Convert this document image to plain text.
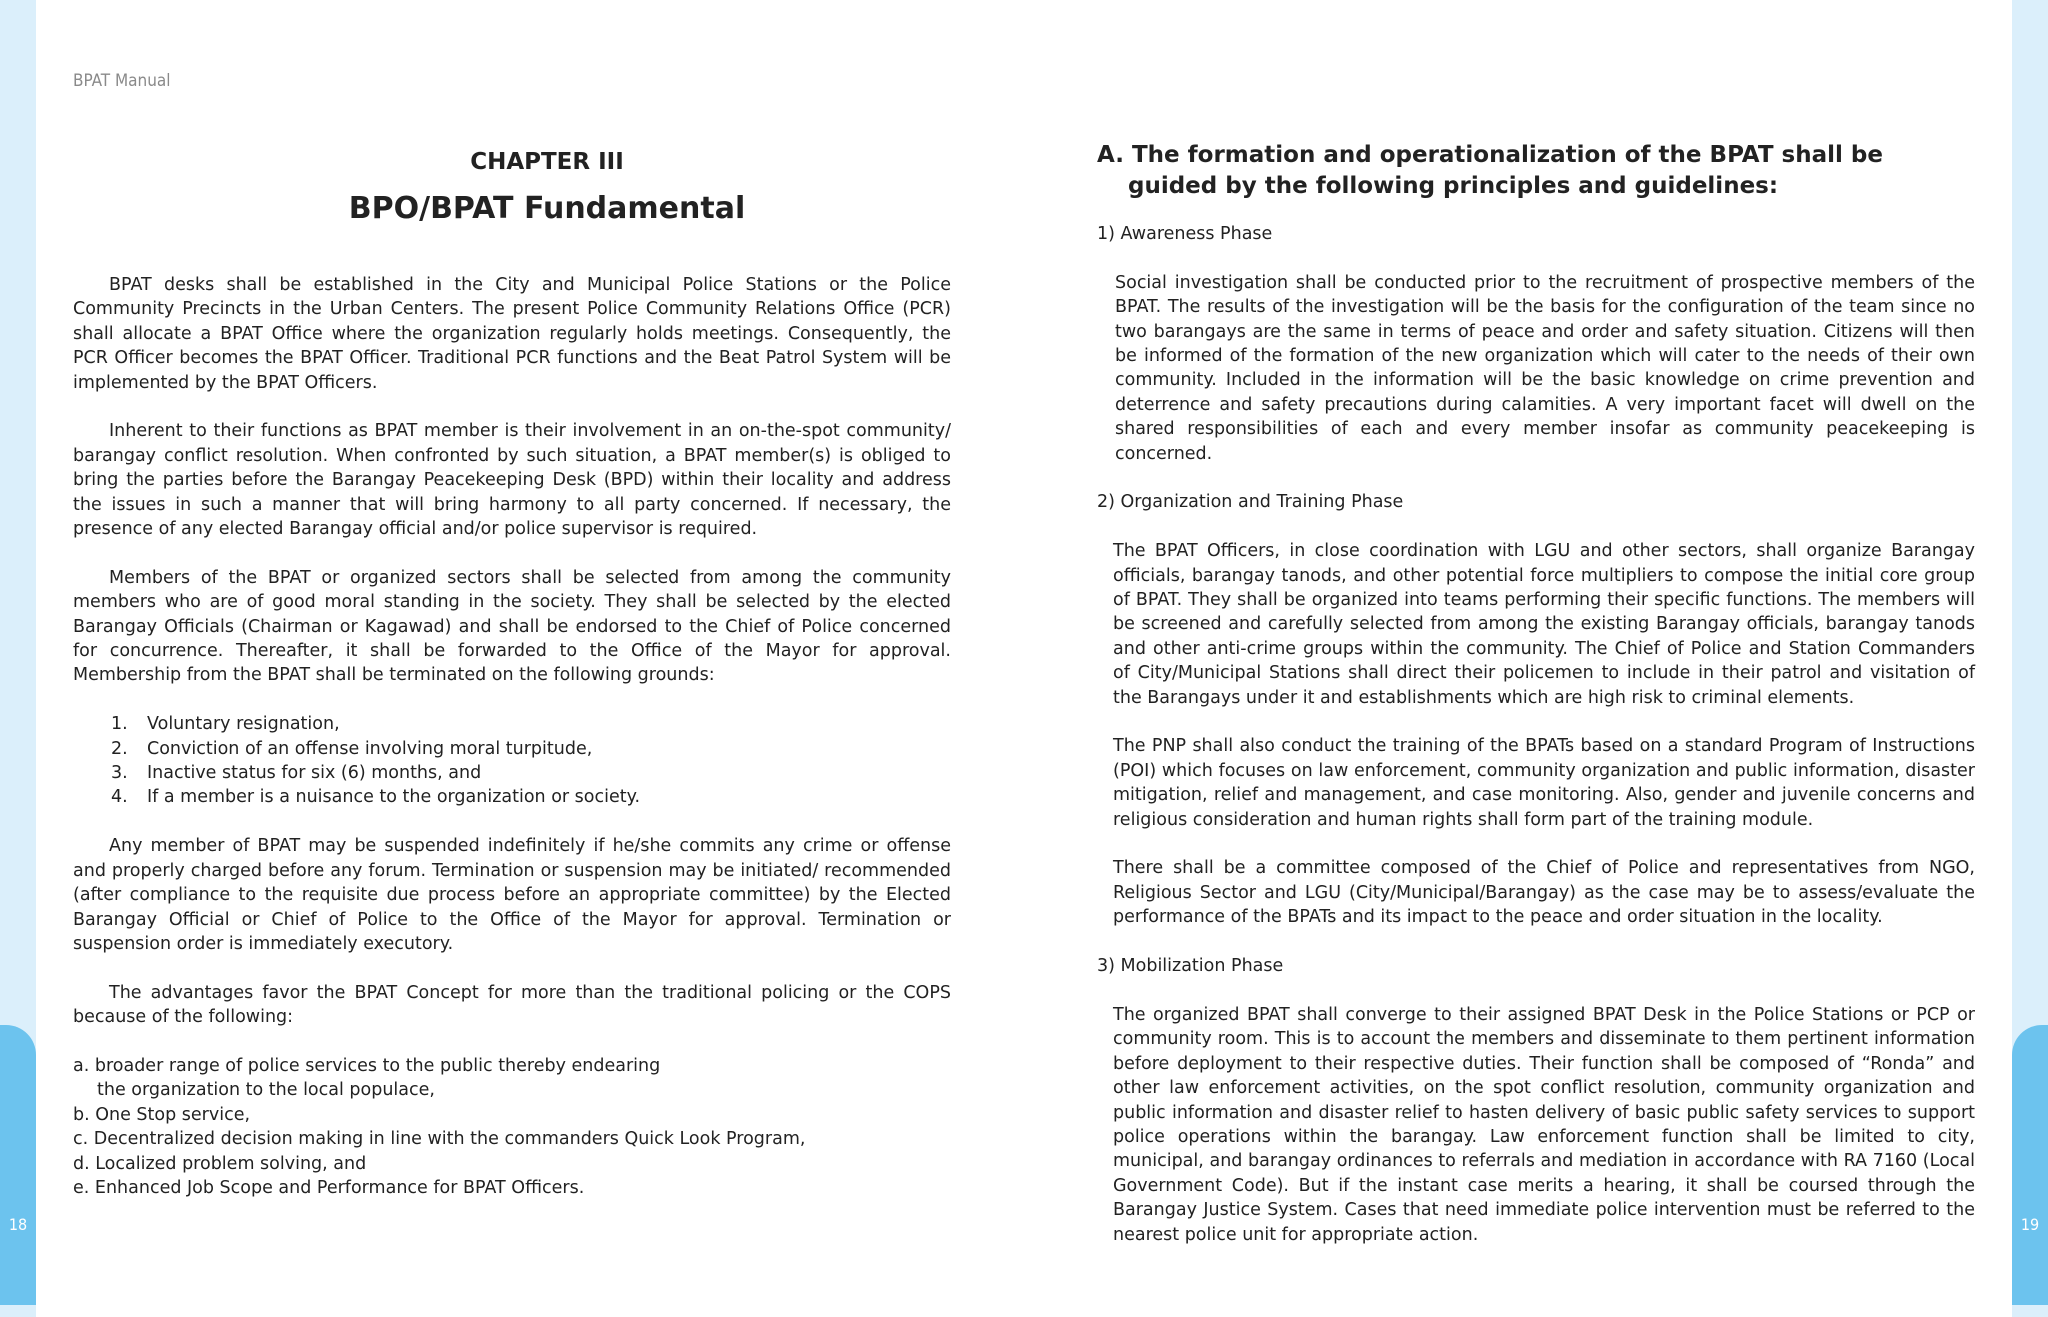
18	19
BPAT Manual
CHAPTER III
BPO/BPAT Fundamental

BPAT desks shall be established in the City and Municipal Police Stations or the Police Community Precincts in the Urban Centers. The present Police Community Relations Office (PCR) shall allocate a BPAT Office where the organization regularly holds meetings. Consequently, the PCR Officer becomes the BPAT Officer. Traditional PCR functions and the Beat Patrol System will be implemented by the BPAT Officers.

Inherent to their functions as BPAT member is their involvement in an on-the-spot community/ barangay conflict resolution. When confronted by such situation, a BPAT member(s) is obliged to bring the parties before the Barangay Peacekeeping Desk (BPD) within their locality and address the issues in such a manner that will bring harmony to all party concerned. If necessary, the presence of any elected Barangay official and/or police supervisor is required.

Members of the BPAT or organized sectors shall be selected from among the community members who are of good moral standing in the society. They shall be selected by the elected Barangay Officials (Chairman or Kagawad) and shall be endorsed to the Chief of Police concerned for concurrence. Thereafter, it shall be forwarded to the Office of the Mayor for approval. Membership from the BPAT shall be terminated on the following grounds:

1.	Voluntary resignation,
2.	Conviction of an offense involving moral turpitude,
3.	Inactive status for six (6) months, and
4.	If a member is a nuisance to the organization or society.

Any member of BPAT may be suspended indefinitely if he/she commits any crime or offense and properly charged before any forum. Termination or suspension may be initiated/ recommended (after compliance to the requisite due process before an appropriate committee) by the Elected Barangay Official or Chief of Police to the Office of the Mayor for approval. Termination or suspension order is immediately executory.

The advantages favor the BPAT Concept for more than the traditional policing or the COPS because of the following:

a. broader range of police services to the public thereby endearing
the organization to the local populace,
b. One Stop service,
c. Decentralized decision making in line with the commanders Quick Look Program,
d. Localized problem solving, and
e. Enhanced Job Scope and Performance for BPAT Officers.
A. The formation and operationalization of the BPAT shall be guided by the following principles and guidelines:

1) Awareness Phase

Social investigation shall be conducted prior to the recruitment of prospective members of the BPAT. The results of the investigation will be the basis for the configuration of the team since no two barangays are the same in terms of peace and order and safety situation. Citizens will then be informed of the formation of the new organization which will cater to the needs of their own community. Included in the information will be the basic knowledge on crime prevention and deterrence and safety precautions during calamities. A very important facet will dwell on the shared responsibilities of each and every member insofar as community peacekeeping is concerned.

2) Organization and Training Phase

The BPAT Officers, in close coordination with LGU and other sectors, shall organize Barangay officials, barangay tanods, and other potential force multipliers to compose the initial core group of BPAT. They shall be organized into teams performing their specific functions. The members will be screened and carefully selected from among the existing Barangay officials, barangay tanods and other anti-crime groups within the community. The Chief of Police and Station Commanders of City/Municipal Stations shall direct their policemen to include in their patrol and visitation of the Barangays under it and establishments which are high risk to criminal elements.

The PNP shall also conduct the training of the BPATs based on a standard Program of Instructions (POI) which focuses on law enforcement, community organization and public information, disaster mitigation, relief and management, and case monitoring. Also, gender and juvenile concerns and religious consideration and human rights shall form part of the training module.

There shall be a committee composed of the Chief of Police and representatives from NGO, Religious Sector and LGU (City/Municipal/Barangay) as the case may be to assess/evaluate the performance of the BPATs and its impact to the peace and order situation in the locality.

3) Mobilization Phase

The organized BPAT shall converge to their assigned BPAT Desk in the Police Stations or PCP or community room. This is to account the members and disseminate to them pertinent information before deployment to their respective duties. Their function shall be composed of “Ronda” and other law enforcement activities, on the spot conflict resolution, community organization and public information and disaster relief to hasten delivery of basic public safety services to support police operations within the barangay. Law enforcement function shall be limited to city, municipal, and barangay ordinances to referrals and mediation in accordance with RA 7160 (Local Government Code). But if the instant case merits a hearing, it shall be coursed through the Barangay Justice System. Cases that need immediate police intervention must be referred to the nearest police unit for appropriate action.
